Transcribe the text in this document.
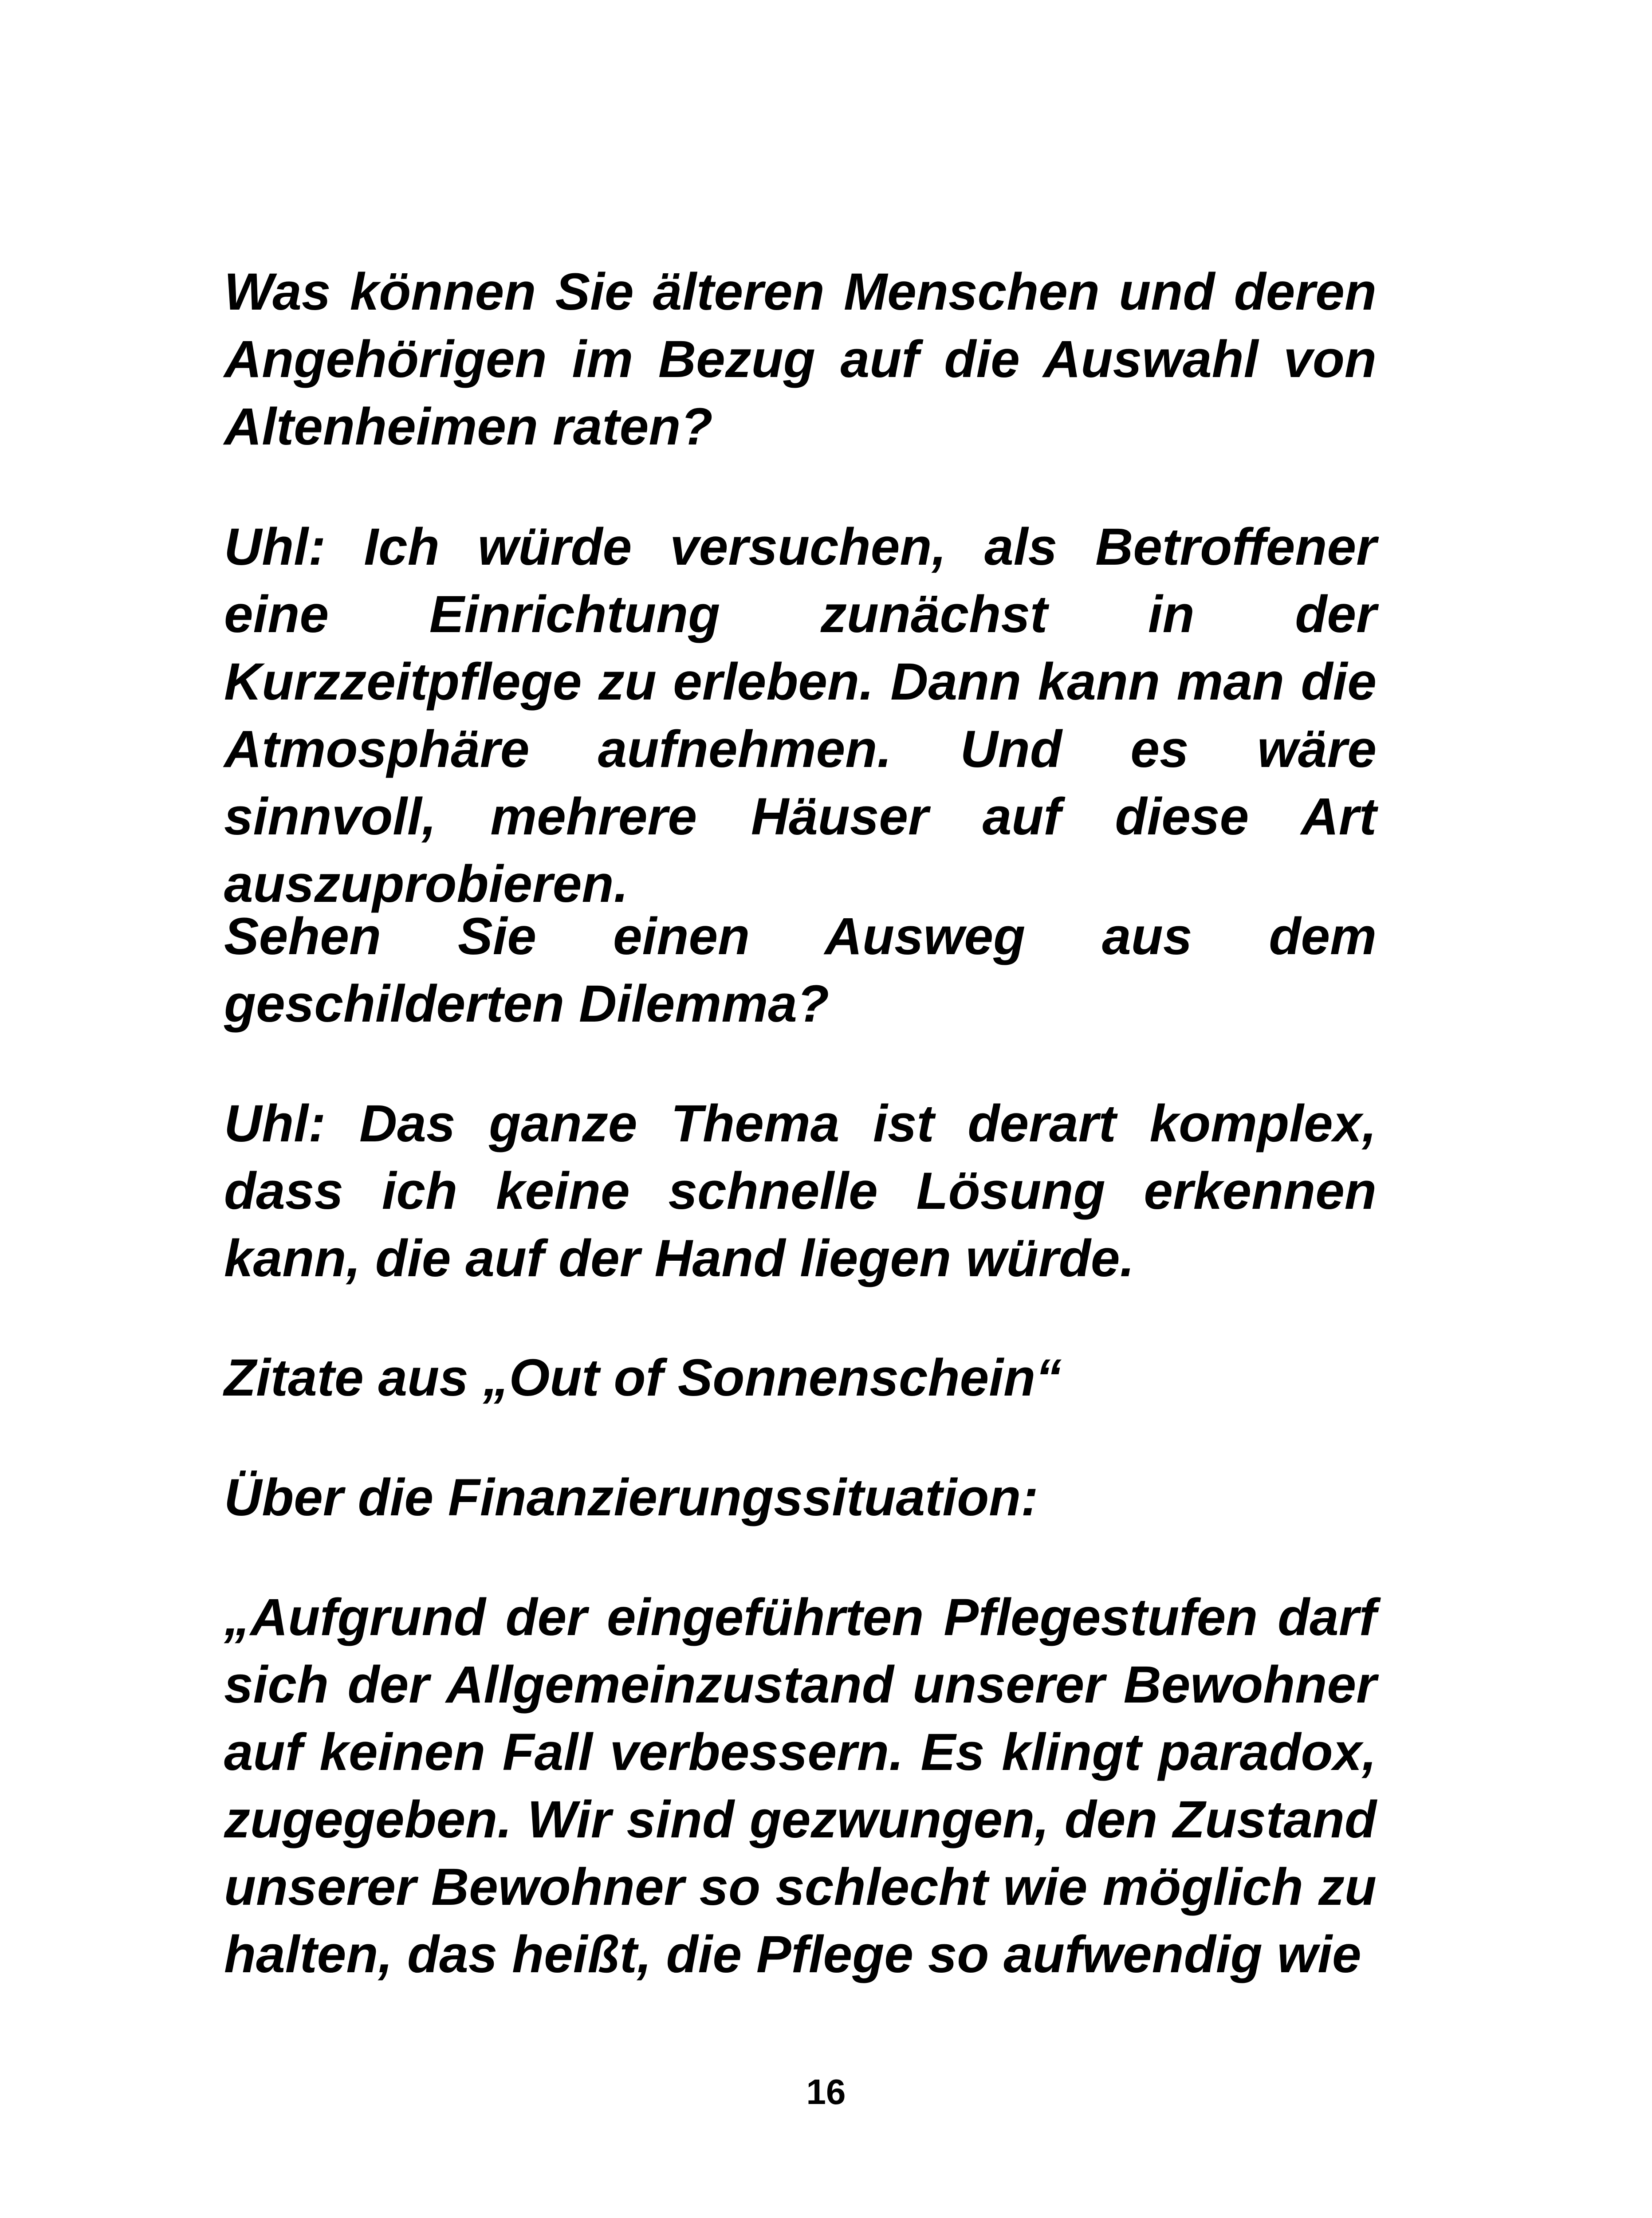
Was können Sie älteren Menschen und deren Angehörigen im Bezug auf die Auswahl von Altenheimen raten?

Uhl: Ich würde versuchen, als Betroffener eine Einrichtung zunächst in der Kurzzeitpflege zu erleben. Dann kann man die Atmosphäre aufnehmen. Und es wäre sinnvoll, mehrere Häuser auf diese Art auszuprobieren.

Sehen Sie einen Ausweg aus dem geschilderten Dilemma?

Uhl: Das ganze Thema ist derart komplex, dass ich keine schnelle Lösung erkennen kann, die auf der Hand liegen würde.

Zitate aus „Out of Sonnenschein“

Über die Finanzierungssituation:

„Aufgrund der eingeführten Pflegestufen darf sich der Allgemeinzustand unserer Bewohner auf keinen Fall verbessern. Es klingt paradox, zugegeben. Wir sind gezwungen, den Zustand unserer Bewohner so schlecht wie möglich zu halten, das heißt, die Pflege so aufwendig wie

16
